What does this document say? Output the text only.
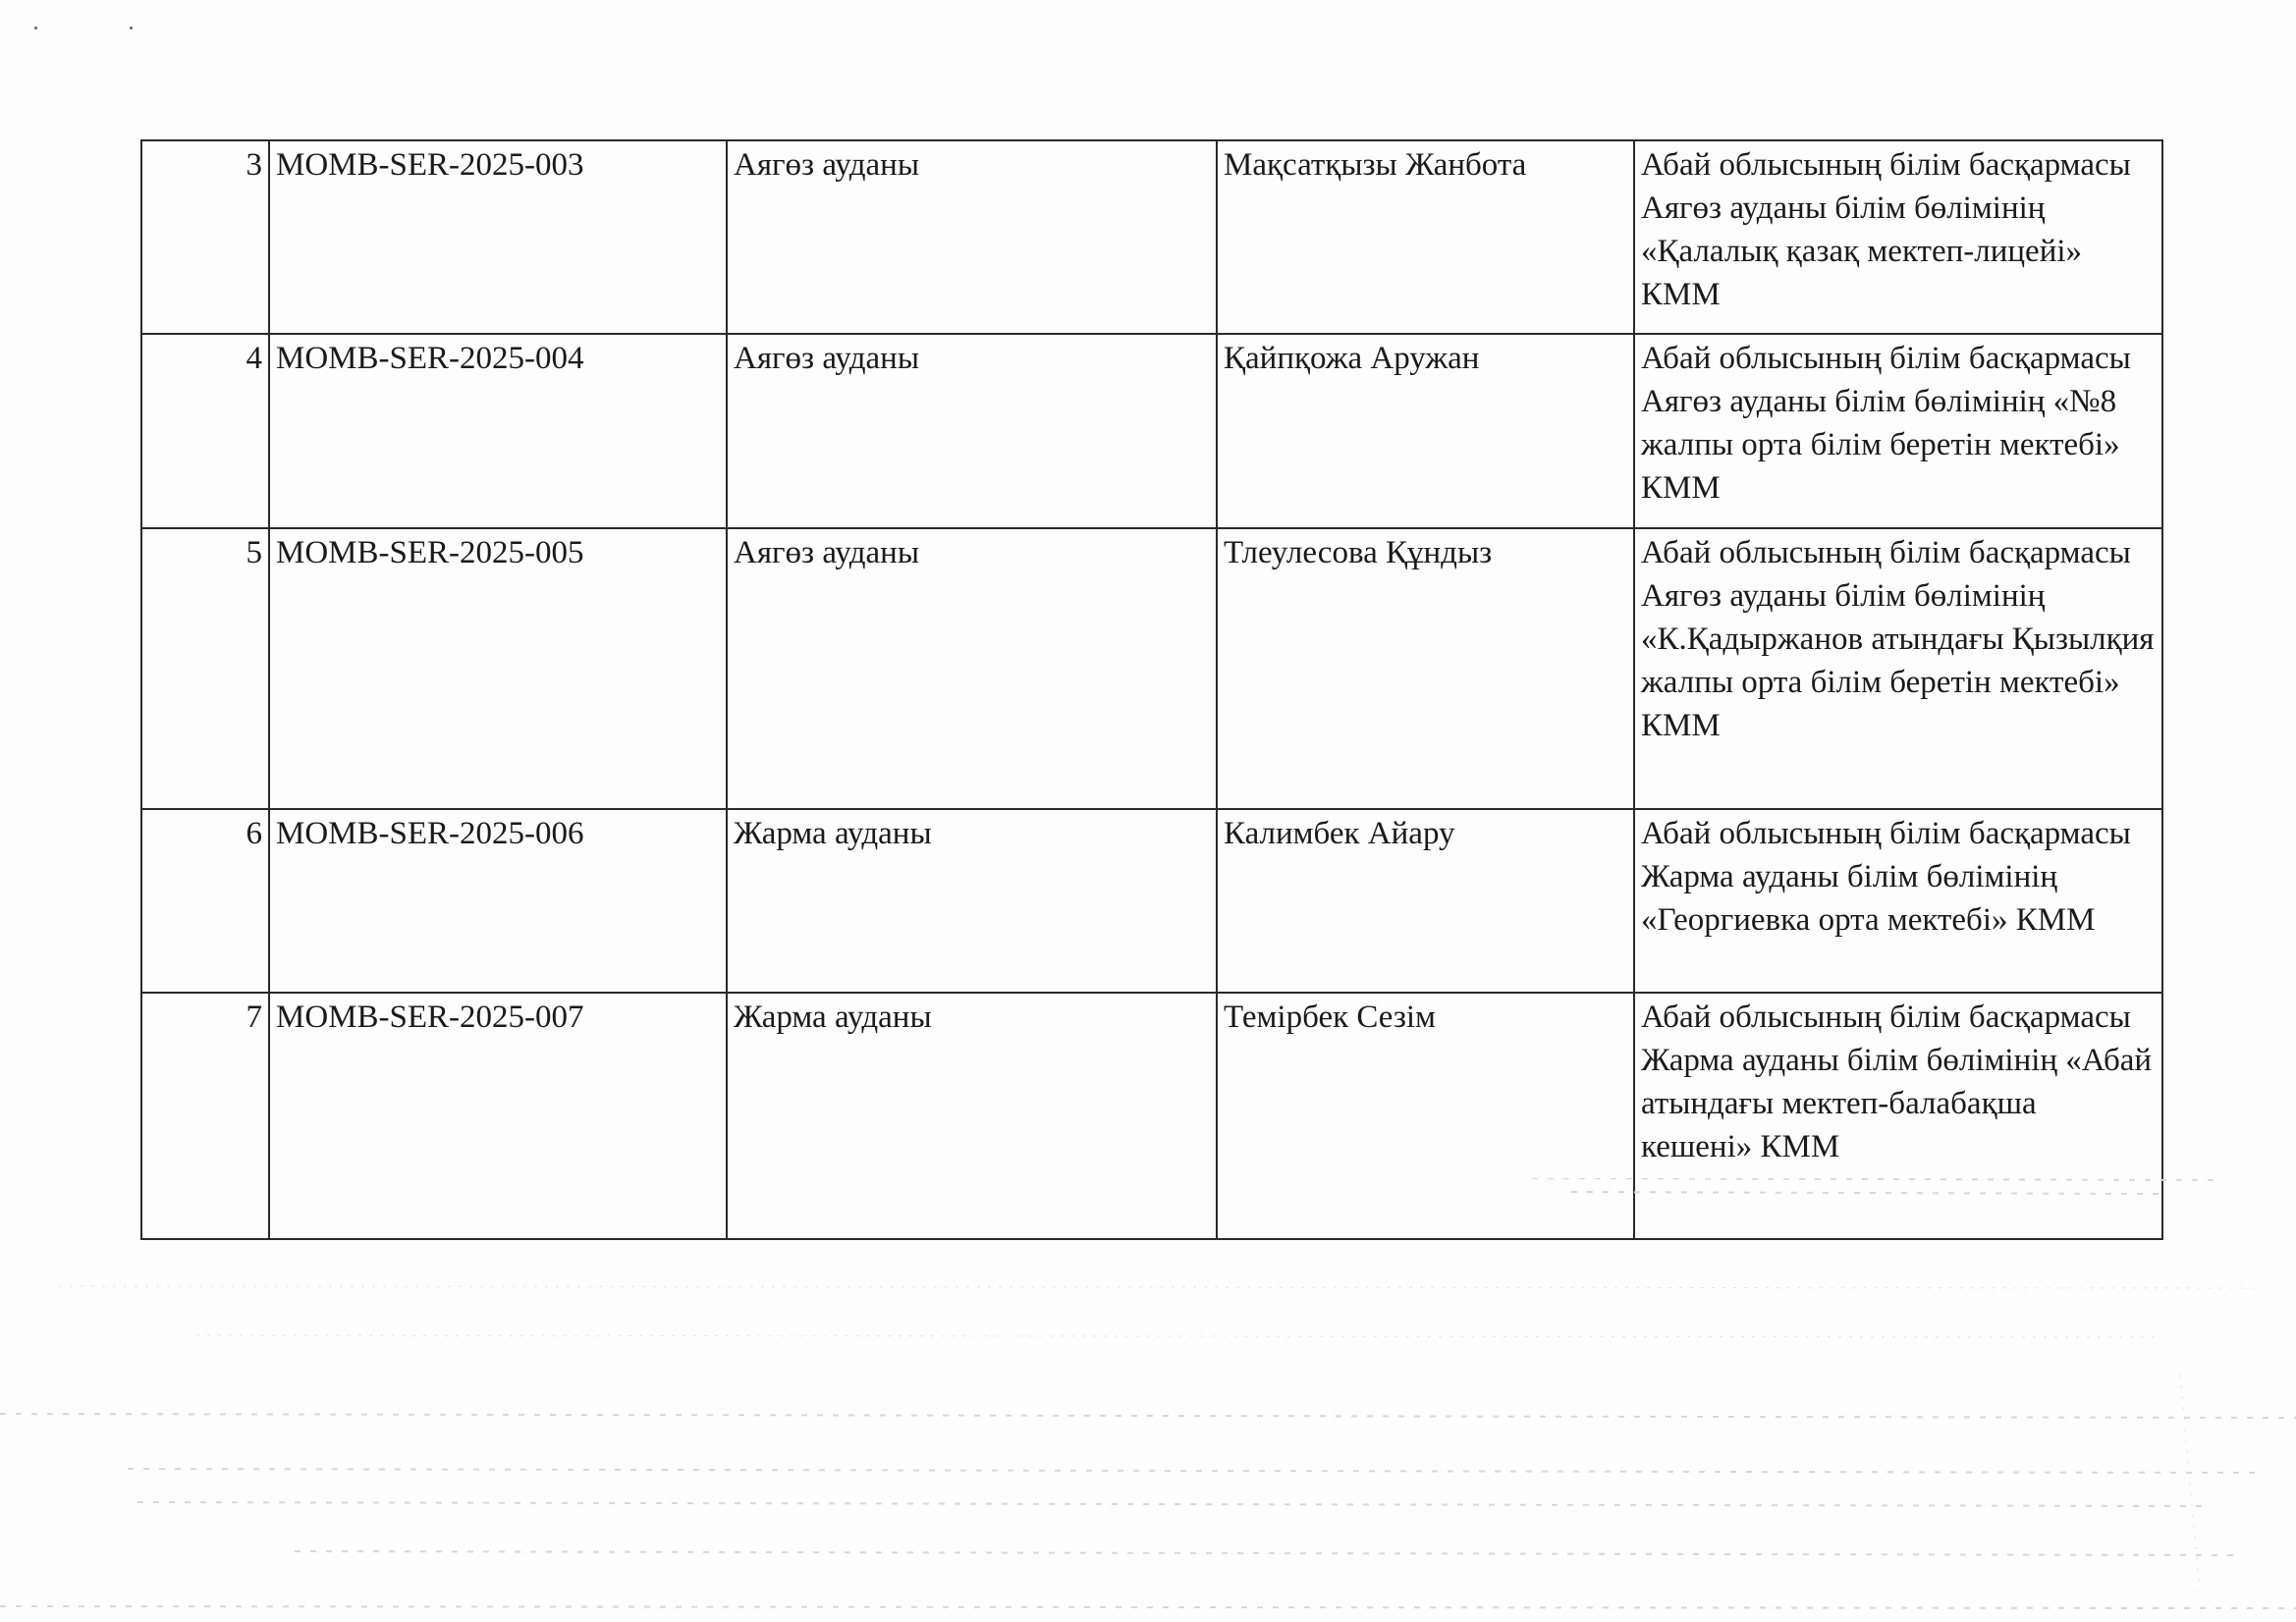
3	MOMB-SER-2025-003	Аягөз ауданы	Мақсатқызы Жанбота	Абай облысының білім басқармасы Аягөз ауданы білім бөлімінің «Қалалық қазақ мектеп-лицейі» КММ
4	MOMB-SER-2025-004	Аягөз ауданы	Қайпқожа Аружан	Абай облысының білім басқармасы Аягөз ауданы білім бөлімінің «№8 жалпы орта білім беретін мектебі» КММ
5	MOMB-SER-2025-005	Аягөз ауданы	Тлеулесова Құндыз	Абай облысының білім басқармасы Аягөз ауданы білім бөлімінің «К.Қадыржанов атындағы Қызылқия жалпы орта білім беретін мектебі» КММ
6	MOMB-SER-2025-006	Жарма ауданы	Калимбек Айару	Абай облысының білім басқармасы Жарма ауданы білім бөлімінің «Георгиевка орта мектебі» КММ
7	MOMB-SER-2025-007	Жарма ауданы	Темірбек Сезім	Абай облысының білім басқармасы Жарма ауданы білім бөлімінің «Абай атындағы мектеп-балабақша кешені» КММ
